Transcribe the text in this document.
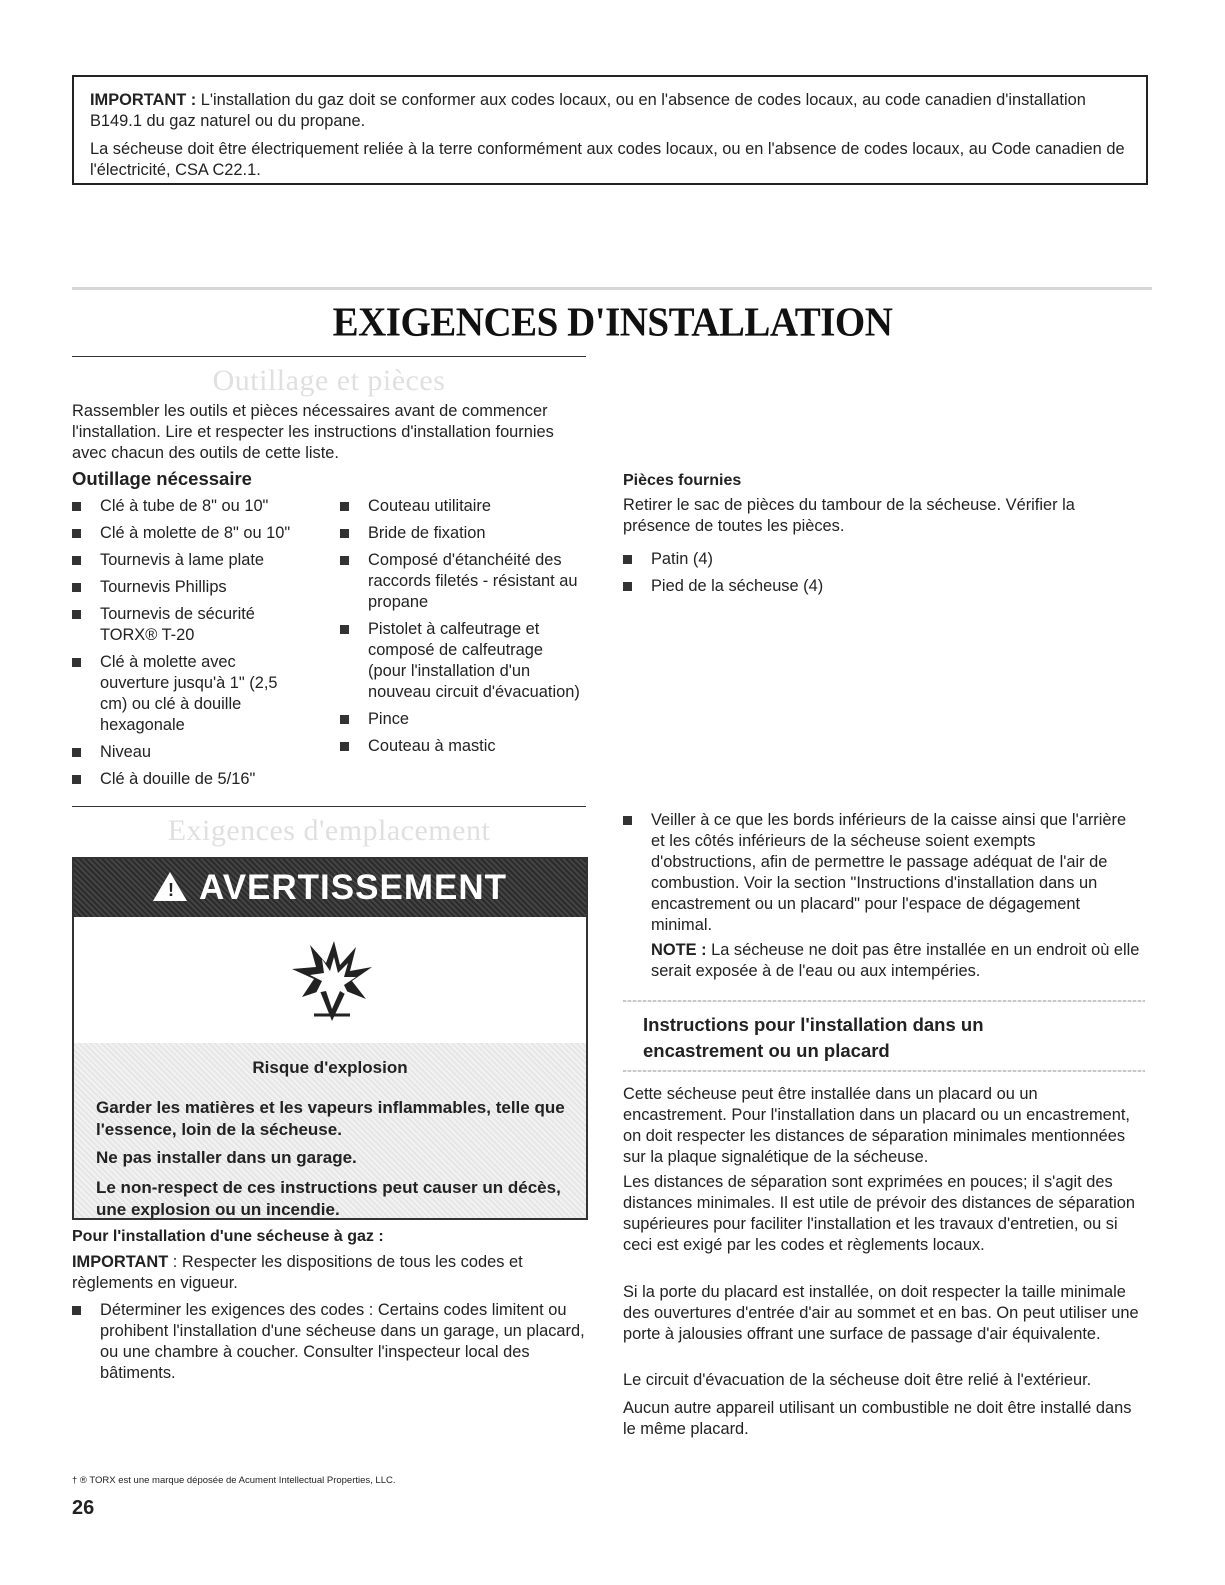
IMPORTANT : L'installation du gaz doit se conformer aux codes locaux, ou en l'absence de codes locaux, au code canadien d'installation B149.1 du gaz naturel ou du propane.

La sécheuse doit être électriquement reliée à la terre conformément aux codes locaux, ou en l'absence de codes locaux, au Code canadien de l'électricité, CSA C22.1.

EXIGENCES D'INSTALLATION
Outillage et pièces
Rassembler les outils et pièces nécessaires avant de commencer l'installation. Lire et respecter les instructions d'installation fournies avec chacun des outils de cette liste.
Outillage nécessaire
Clé à tube de 8" ou 10"
Clé à molette de 8" ou 10"
Tournevis à lame plate
Tournevis Phillips
Tournevis de sécurité TORX® T-20
Clé à molette avec ouverture jusqu'à 1" (2,5 cm) ou clé à douille hexagonale
Niveau
Clé à douille de 5/16"
Couteau utilitaire
Bride de fixation
Composé d'étanchéité des raccords filetés - résistant au propane
Pistolet à calfeutrage et composé de calfeutrage (pour l'installation d'un nouveau circuit d'évacuation)
Pince
Couteau à mastic
Pièces fournies
Retirer le sac de pièces du tambour de la sécheuse. Vérifier la présence de toutes les pièces.
Patin (4)
Pied de la sécheuse (4)
Exigences d'emplacement
! AVERTISSEMENT

Risque d'explosion

Garder les matières et les vapeurs inflammables, telle que l'essence, loin de la sécheuse.

Ne pas installer dans un garage.

Le non-respect de ces instructions peut causer un décès, une explosion ou un incendie.

Pour l'installation d'une sécheuse à gaz :
IMPORTANT : Respecter les dispositions de tous les codes et règlements en vigueur.
Déterminer les exigences des codes : Certains codes limitent ou prohibent l'installation d'une sécheuse dans un garage, un placard, ou une chambre à coucher. Consulter l'inspecteur local des bâtiments.
Veiller à ce que les bords inférieurs de la caisse ainsi que l'arrière et les côtés inférieurs de la sécheuse soient exempts d'obstructions, afin de permettre le passage adéquat de l'air de combustion. Voir la section "Instructions d'installation dans un encastrement ou un placard" pour l'espace de dégagement minimal.
NOTE : La sécheuse ne doit pas être installée en un endroit où elle serait exposée à de l'eau ou aux intempéries.
Instructions pour l'installation dans un
encastrement ou un placard
Cette sécheuse peut être installée dans un placard ou un encastrement. Pour l'installation dans un placard ou un encastrement, on doit respecter les distances de séparation minimales mentionnées sur la plaque signalétique de la sécheuse.
Les distances de séparation sont exprimées en pouces; il s'agit des distances minimales. Il est utile de prévoir des distances de séparation supérieures pour faciliter l'installation et les travaux d'entretien, ou si ceci est exigé par les codes et règlements locaux.
Si la porte du placard est installée, on doit respecter la taille minimale des ouvertures d'entrée d'air au sommet et en bas. On peut utiliser une porte à jalousies offrant une surface de passage d'air équivalente.
Le circuit d'évacuation de la sécheuse doit être relié à l'extérieur.
Aucun autre appareil utilisant un combustible ne doit être installé dans le même placard.
† ® TORX est une marque déposée de Acument Intellectual Properties, LLC.
26
